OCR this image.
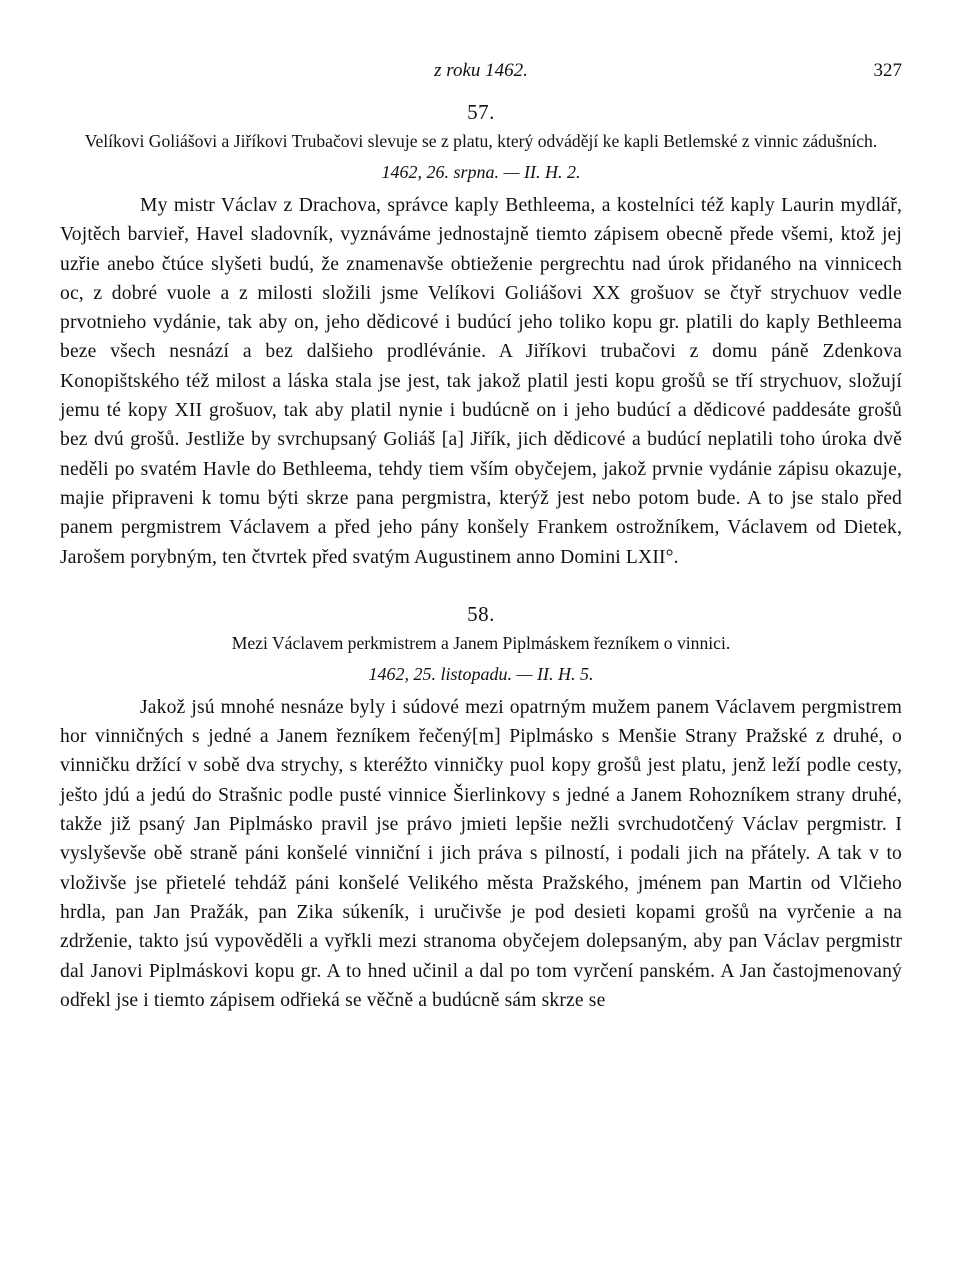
z roku 1462.	327
57.
Velíkovi Goliášovi a Jiříkovi Trubačovi slevuje se z platu, který odvádějí ke kapli Betlemské z vinnic zádušních.
1462, 26. srpna. — II. H. 2.

My mistr Václav z Drachova, správce kaply Bethleema, a kostelníci též kaply Laurin mydlář, Vojtěch barvieř, Havel sladovník, vyznáváme jednostajně tiemto zápisem obecně přede všemi, ktož jej uzřie anebo čtúce slyšeti budú, že znamenavše obtieženie pergrechtu nad úrok přidaného na vinnicech oc, z dobré vuole a z milosti složili jsme Velíkovi Goliášovi XX grošuov se čtyř strychuov vedle prvotnieho vydánie, tak aby on, jeho dědicové i budúcí jeho toliko kopu gr. platili do kaply Bethleema beze všech nesnází a bez dalšieho prodlévánie. A Jiříkovi trubačovi z domu páně Zdenkova Konopištského též milost a láska stala jse jest, tak jakož platil jesti kopu grošů se tří strychuov, složují jemu té kopy XII grošuov, tak aby platil nynie i budúcně on i jeho budúcí a dědicové paddesáte grošů bez dvú grošů. Jestliže by svrchupsaný Goliáš [a] Jiřík, jich dědicové a budúcí neplatili toho úroka dvě neděli po svatém Havle do Bethleema, tehdy tiem vším obyčejem, jakož prvnie vydánie zápisu okazuje, majie připraveni k tomu býti skrze pana pergmistra, kterýž jest nebo potom bude. A to jse stalo před panem pergmistrem Václavem a před jeho pány konšely Frankem ostrožníkem, Václavem od Dietek, Jarošem porybným, ten čtvrtek před svatým Augustinem anno Domini LXII°.

58.
Mezi Václavem perkmistrem a Janem Piplmáskem řezníkem o vinnici.
1462, 25. listopadu. — II. H. 5.

Jakož jsú mnohé nesnáze byly i súdové mezi opatrným mužem panem Václavem pergmistrem hor vinničných s jedné a Janem řezníkem řečený[m] Piplmásko s Menšie Strany Pražské z druhé, o vinničku držící v sobě dva strychy, s kteréžto vinničky puol kopy grošů jest platu, jenž leží podle cesty, ješto jdú a jedú do Strašnic podle pusté vinnice Šierlinkovy s jedné a Janem Rohozníkem strany druhé, takže již psaný Jan Piplmásko pravil jse právo jmieti lepšie nežli svrchudotčený Václav pergmistr. I vyslyševše obě straně páni konšelé vinniční i jich práva s pilností, i podali jich na přátely. A tak v to vloživše jse přietelé tehdáž páni konšelé Velikého města Pražského, jménem pan Martin od Vlčieho hrdla, pan Jan Pražák, pan Zika súkeník, i uručivše je pod desieti kopami grošů na vyrčenie a na zdrženie, takto jsú vypověděli a vyřkli mezi stranoma obyčejem dolepsaným, aby pan Václav pergmistr dal Janovi Piplmáskovi kopu gr. A to hned učinil a dal po tom vyrčení panském. A Jan častojmenovaný odřekl jse i tiemto zápisem odřieká se věčně a budúcně sám skrze se
